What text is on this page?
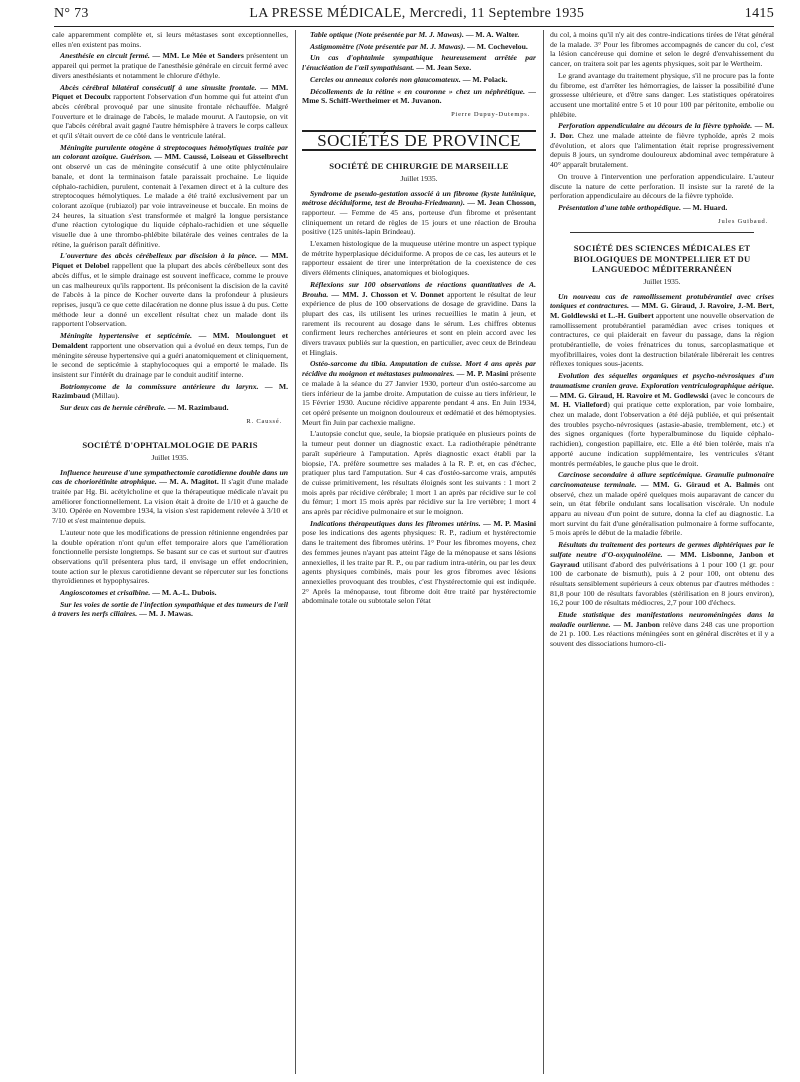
N° 73	LA PRESSE MÉDICALE, Mercredi, 11 Septembre 1935	1415

cale apparemment complète et, si leurs métastases sont exceptionnelles, elles n'en existent pas moins.

Anesthésie en circuit fermé. — MM. Le Mée et Sanders présentent un appareil qui permet la pratique de l'anesthésie générale en circuit fermé avec divers anesthésiants et notamment le chlorure d'éthyle.

Abcès cérébral bilatéral consécutif à une sinusite frontale. — MM. Piquet et Decoulx rapportent l'observation d'un homme qui fut atteint d'un abcès cérébral provoqué par une sinusite frontale réchauffée. Malgré l'ouverture et le drainage de l'abcès, le malade mourut. A l'autopsie, on vit que l'abcès cérébral avait gagné l'autre hémisphère à travers le corps calleux et qu'il s'était ouvert de ce côté dans le ventricule latéral.

Méningite purulente otogène à streptocoques hémolytiques traitée par un colorant azoïque. Guérison. — MM. Caussé, Loiseau et Gisselbrecht ont observé un cas de méningite consécutif à une otite phlycténulaire banale, et dont la terminaison fatale paraissait prochaine. Le liquide céphalo-rachidien, purulent, contenait à l'examen direct et à la culture des streptocoques hémolytiques. Le malade a été traité exclusivement par un colorant azoïque (rubiazol) par voie intraveineuse et buccale. En moins de 24 heures, la situation s'est transformée et malgré la longue persistance d'une réaction cytologique du liquide céphalo-rachidien et une séquelle visuelle due à une thrombo-phlébite bilatérale des veines centrales de la rétine, la guérison paraît définitive.

L'ouverture des abcès cérébelleux par discision à la pince. — MM. Piquet et Delobel rappellent que la plupart des abcès cérébelleux sont des abcès diffus, et le simple drainage est souvent inefficace, comme le prouve un cas malheureux qu'ils rapportent. Ils préconisent la discision de la cavité de l'abcès à la pince de Kocher ouverte dans la profondeur à plusieurs reprises, jusqu'à ce que cette dilacération ne donne plus issue à du pus. Cette méthode leur a donné un excellent résultat chez un malade dont ils rapportent l'observation.

Méningite hypertensive et septicémie. — MM. Moulonguet et Demaldent rapportent une observation qui a évolué en deux temps, l'un de méningite séreuse hypertensive qui a guéri anatomiquement et cliniquement, le second de septicémie à staphylocoques qui a emporté le malade. Ils insistent sur l'intérêt du drainage par le conduit auditif interne.

Botriomycome de la commissure antérieure du larynx. — M. Razimbaud (Millau).

Sur deux cas de hernie cérébrale. — M. Razimbaud.

R. Caussé.
SOCIÉTÉ D'OPHTALMOLOGIE DE PARIS
Juillet 1935.

Influence heureuse d'une sympathectomie carotidienne double dans un cas de choriorétinite atrophique. — M. A. Magitot. Il s'agit d'une malade traitée par Hg. Bi. acétylcholine et que la thérapeutique médicale n'avait pu améliorer fonctionnellement. La vision était à droite de 1/10 et à gauche de 3/10. Opérée en Novembre 1934, la vision s'est rapidement relevée à 3/10 et 7/10 et s'est maintenue depuis.

L'auteur note que les modifications de pression rétinienne engendrées par la double opération n'ont qu'un effet temporaire alors que l'amélioration fonctionnelle persiste longtemps. Se basant sur ce cas et surtout sur d'autres observations qu'il présentera plus tard, il envisage un effet endocrinien, toute action sur le plexus carotidienne devant se répercuter sur les fonctions thyroïdiennes et hypophysaires.

Angioscotomes et crisalbine. — M. A.-L. Dubois.

Sur les voies de sortie de l'infection sympathique et des tumeurs de l'œil à travers les nerfs ciliaires. — M. J. Mawas.

Table optique (Note présentée par M. J. Mawas). — M. A. Walter.

Astigmomètre (Note présentée par M. J. Mawas). — M. Cochevelou.

Un cas d'ophtalmie sympathique heureusement arrêtée par l'énucléation de l'œil sympathisant. — M. Jean Sexe.

Cercles ou anneaux colorés non glaucomateux. — M. Polack.

Décollements de la rétine « en couronne » chez un néphrétique. — Mme S. Schiff-Wertheimer et M. Juvanon.

Pierre Dupuy-Dutemps.
SOCIÉTÉS DE PROVINCE
SOCIÉTÉ DE CHIRURGIE DE MARSEILLE
Juillet 1935.

Syndrome de pseudo-gestation associé à un fibrome (kyste lutéinique, métrose déciduiforme, test de Brouha-Friedmann). — M. Jean Chosson, rapporteur. — Femme de 45 ans, porteuse d'un fibrome et présentant cliniquement un retard de règles de 15 jours et une réaction de Brouha positive (125 unités-lapin Brindeau).

L'examen histologique de la muqueuse utérine montre un aspect typique de métrite hyperplasique déciduiforme. A propos de ce cas, les auteurs et le rapporteur essaient de tirer une interprétation de la coexistence de ces divers éléments cliniques, anatomiques et biologiques.

Réflexions sur 100 observations de réactions quantitatives de A. Brouha. — MM. J. Chosson et V. Donnet apportent le résultat de leur expérience de plus de 100 observations de dosage de gravidine. Dans la plupart des cas, ils utilisent les urines recueillies le matin à jeun, et rarement ils recourent au dosage dans le sérum. Les chiffres obtenus confirment leurs recherches antérieures et sont en plein accord avec les divers travaux publiés sur la question, en particulier, avec ceux de Brindeau et Hinglais.

Ostéo-sarcome du tibia. Amputation de cuisse. Mort 4 ans après par récidive du moignon et métastases pulmonaires. — M. P. Masini présente ce malade à la séance du 27 Janvier 1930, porteur d'un ostéo-sarcome au tiers inférieur de la jambe droite. Amputation de cuisse au tiers inférieur, le 15 Février 1930. Aucune récidive apparente pendant 4 ans. En Juin 1934, cet opéré présente un moignon douloureux et œdématié et des hémoptysies. Meurt fin Juin par cachexie maligne.

L'autopsie conclut que, seule, la biopsie pratiquée en plusieurs points de la tumeur peut donner un diagnostic exact. La radiothérapie pénétrante paraît supérieure à l'amputation. Après diagnostic exact établi par la biopsie, l'A. préfère soumettre ses malades à la R. P. et, en cas d'échec, pratiquer plus tard l'amputation. Sur 4 cas d'ostéo-sarcome vrais, amputés de cuisse primitivement, les résultats éloignés sont les suivants : 1 mort 2 mois après par récidive cérébrale; 1 mort 1 an après par récidive sur le col du fémur; 1 mort 15 mois après par récidive sur la 1re vertèbre; 1 mort 4 ans après par récidive pulmonaire et sur le moignon.

Indications thérapeutiques dans les fibromes utérins. — M. P. Masini pose les indications des agents physiques: R. P., radium et hystérectomie dans le traitement des fibromes utérins. 1° Pour les fibromes moyens, chez des femmes jeunes n'ayant pas atteint l'âge de la ménopause et sans lésions annexielles, il les traite par R. P., ou par radium intra-utérin, ou par les deux agents physiques combinés, mais pour les gros fibromes avec lésions annexielles provoquant des troubles, c'est l'hystérectomie qui est indiquée. 2° Après la ménopause, tout fibrome doit être traité par hystérectomie abdominale totale ou subtotale selon l'état

du col, à moins qu'il n'y ait des contre-indications tirées de l'état général de la malade. 3° Pour les fibromes accompagnés de cancer du col, c'est la lésion cancéreuse qui domine et selon le degré d'envahissement du cancer, on traitera soit par les agents physiques, soit par le Wertheim.

Le grand avantage du traitement physique, s'il ne procure pas la fonte du fibrome, est d'arrêter les hémorragies, de laisser la possibilité d'une grossesse ultérieure, et d'être sans danger. Les statistiques opératoires accusent une mortalité entre 5 et 10 pour 100 par péritonite, embolie ou phlébite.

Perforation appendiculaire au décours de la fièvre typhoïde. — M. J. Dor. Chez une malade atteinte de fièvre typhoïde, après 2 mois d'évolution, et alors que l'alimentation était reprise progressivement depuis 8 jours, un syndrome douloureux abdominal avec température à 40° apparaît brutalement.

On trouve à l'intervention une perforation appendiculaire. L'auteur discute la nature de cette perforation. Il insiste sur la rareté de la perforation appendiculaire au décours de la fièvre typhoïde.

Présentation d'une table orthopédique. — M. Huard.

Jules Guibaud.
SOCIÉTÉ DES SCIENCES MÉDICALES ET BIOLOGIQUES DE MONTPELLIER ET DU LANGUEDOC MÉDITERRANÉEN
Juillet 1935.

Un nouveau cas de ramollissement protubérantiel avec crises toniques et contractures. — MM. G. Giraud, J. Ravoire, J.-M. Bert, M. Goldlewski et L.-H. Guibert apportent une nouvelle observation de ramollissement protubérantiel paramédian avec crises toniques et contractures, ce qui plaiderait en faveur du passage, dans la région protubérantielle, de voies frénatrices du tonus, sarcoplasmatique et myofibrillaires, voies dont la destruction bilatérale libérerait les centres réflexes toniques sous-jacents.

Evolution des séquelles organiques et psycho-névrosiques d'un traumatisme cranien grave. Exploration ventriculographique aérique. — MM. G. Giraud, H. Ravoire et M. Godlewski (avec le concours de M. H. Vialleford) qui pratique cette exploration, par voie lombaire, chez un malade, dont l'observation a été déjà publiée, et qui présentait des troubles psycho-névrosiques (astasie-abasie, tremblement, etc.) et des signes organiques (forte hyperalbuminose du liquide céphalo-rachidien), congestion papillaire, etc. Elle a été bien tolérée, mais n'a apporté aucune indication supplémentaire, les ventricules s'étant montrés perméables, le gauche plus que le droit.

Carcinose secondaire à allure septicémique. Granulie pulmonaire carcinomateuse terminale. — MM. G. Giraud et A. Balmès ont observé, chez un malade opéré quelques mois auparavant de cancer du sein, un état fébrile ondulant sans localisation viscérale. Un nodule apparu au niveau d'un point de suture, donna la clef au diagnostic. La mort survint du fait d'une généralisation pulmonaire à forme suffocante, 5 mois après le début de la maladie fébrile.

Résultats du traitement des porteurs de germes diphtériques par le sulfate neutre d'O-oxyquinoléine. — MM. Lisbonne, Janbon et Gayraud utilisant d'abord des pulvérisations à 1 pour 100 (1 gr. pour 100 de carbonate de bismuth), puis à 2 pour 100, ont obtenu des résultats sensiblement supérieurs à ceux obtenus par d'autres méthodes : 81,8 pour 100 de résultats favorables (stérilisation en 8 jours environ), 16,2 pour 100 de résultats médiocres, 2,7 pour 100 d'échecs.

Etude statistique des manifestations neuroméningées dans la maladie ourlienne. — M. Janbon relève dans 248 cas une proportion de 21 p. 100. Les réactions méningées sont en général discrètes et il y a souvent des dissociations humoro-cli-
